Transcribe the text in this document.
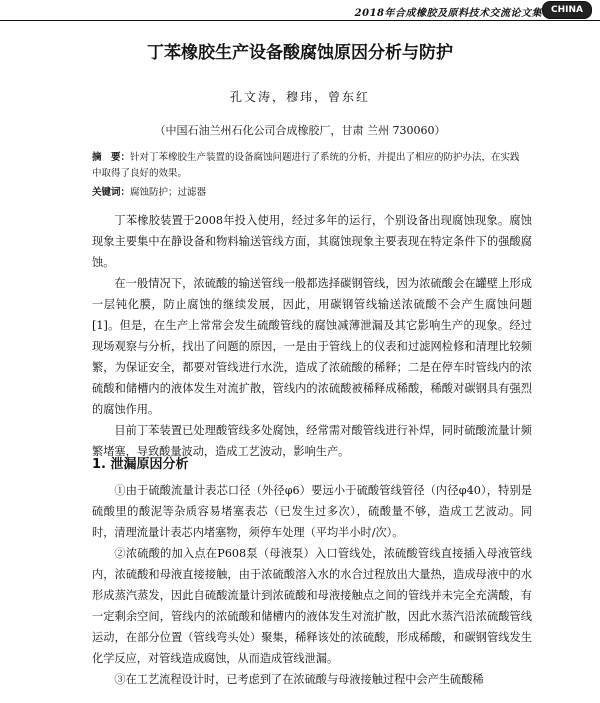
2018年合成橡胶及原料技术交流论文集	CHINA
丁苯橡胶生产设备酸腐蚀原因分析与防护
孔文涛，穆玮，曾东红
（中国石油兰州石化公司合成橡胶厂，甘肃 兰州 730060）
摘　要：针对丁苯橡胶生产装置的设备腐蚀问题进行了系统的分析，并提出了相应的防护办法，在实践中取得了良好的效果。
关键词：腐蚀防护；过滤器

丁苯橡胶装置于2008年投入使用，经过多年的运行，个别设备出现腐蚀现象。腐蚀现象主要集中在静设备和物料输送管线方面，其腐蚀现象主要表现在特定条件下的强酸腐蚀。

在一般情况下，浓硫酸的输送管线一般都选择碳钢管线，因为浓硫酸会在罐壁上形成一层钝化膜，防止腐蚀的继续发展，因此，用碳钢管线输送浓硫酸不会产生腐蚀问题[1]。但是，在生产上常常会发生硫酸管线的腐蚀减薄泄漏及其它影响生产的现象。经过现场观察与分析，找出了问题的原因，一是由于管线上的仪表和过滤网检修和清理比较频繁，为保证安全，都要对管线进行水洗，造成了浓硫酸的稀释；二是在停车时管线内的浓硫酸和储槽内的液体发生对流扩散，管线内的浓硫酸被稀释成稀酸，稀酸对碳钢具有强烈的腐蚀作用。

目前丁苯装置已处理酸管线多处腐蚀，经常需对酸管线进行补焊，同时硫酸流量计频繁堵塞，导致酸量波动，造成工艺波动，影响生产。

1. 泄漏原因分析

①由于硫酸流量计表芯口径（外径φ6）要远小于硫酸管线管径（内径φ40），特别是硫酸里的酸泥等杂质容易堵塞表芯（已发生过多次），硫酸量不够，造成工艺波动。同时，清理流量计表芯内堵塞物，须停车处理（平均半小时/次）。

②浓硫酸的加入点在P608泵（母液泵）入口管线处，浓硫酸管线直接插入母液管线内，浓硫酸和母液直接接触，由于浓硫酸溶入水的水合过程放出大量热，造成母液中的水形成蒸汽蒸发，因此自硫酸流量计到浓硫酸和母液接触点之间的管线并未完全充满酸，有一定剩余空间，管线内的浓硫酸和储槽内的液体发生对流扩散，因此水蒸汽沿浓硫酸管线运动，在部分位置（管线弯头处）聚集，稀释该处的浓硫酸，形成稀酸，和碳钢管线发生化学反应，对管线造成腐蚀，从而造成管线泄漏。

③在工艺流程设计时，已考虑到了在浓硫酸与母液接触过程中会产生硫酸稀
